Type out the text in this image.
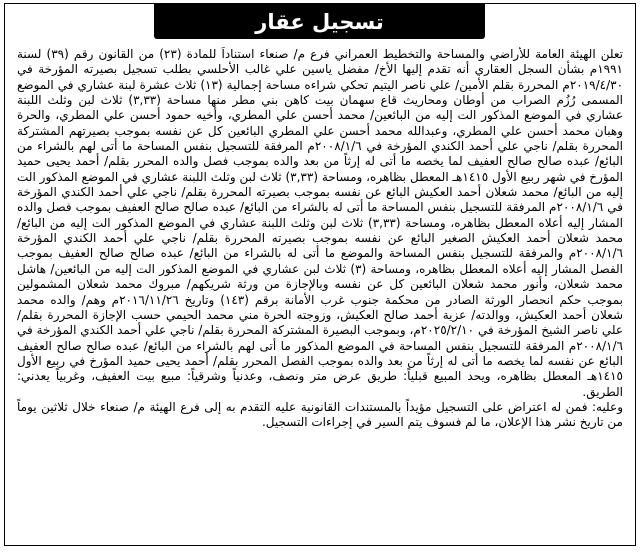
تسجيل عقار

تعلن الهيئة العامة للأراضي والمساحة والتخطيط العمراني فرع م/ صنعاء استناداً للمادة (٢٣) من القانون رقم (٣٩) لسنة ١٩٩١م بشأن السجل العقاري أنه تقدم إليها الأخ/ مفضل ياسين علي غالب الأحلسي بطلب تسجيل بصيرته المؤرخة في ٢٠١٩/٤/٣٠م المحررة بقلم الأمين/ علي ناصر اليتيم تحكي شراءه مساحة إجمالية (١٣) ثلاث عشرة لبنة عشاري في الموضع المسمى رُزُم الصراب من أوطان ومحاريث قاع سهمان بيت كاهن بني مطر منها مساحة (٣,٣٣) ثلاث لبن وثلث اللبنة عشاري في الموضع المذكور الت إليه من البائعين/ محمد أحسن علي المطري، وأخيه حمود أحسن علي المطري، والحرة وهبان محمد أحسن علي المطري، وعبدالله محمد أحسن علي المطري البائعين كل عن نفسه بموجب بصيرتهم المشتركة المحررة بقلم/ ناجي علي أحمد الكندي المؤرخة في ٢٠٠٨/١/٦م المرفقة للتسجيل بنفس المساحة ما أتى لهم بالشراء من البائع/ عبده صالح صالح العفيف لما يخصه ما أتى له إرثاً من بعد والده بموجب فصل والده المحرر بقلم/ أحمد يحيى حميد المؤرخ في شهر ربيع الأول ١٤١٥هـ المعطل بظاهره، ومساحة (٣,٣٣) ثلاث لبن وثلث اللبنة عشاري في الموضع المذكور الت إليه من البائع/ محمد شعلان أحمد العكيش البائع عن نفسه بموجب بصيرته المحررة بقلم/ ناجي علي أحمد الكندي المؤرخة في ٢٠٠٨/١/٦م المرفقة للتسجيل بنفس المساحة ما أتى له بالشراء من البائع/ عبده صالح صالح العفيف بموجب فصل والده المشار إليه أعلاه المعطل بظاهره، ومساحة (٣,٣٣) ثلاث لبن وثلث اللبنة عشاري في الموضع المذكور الت إليه من البائع/ محمد شعلان أحمد العكيش الصغير البائع عن نفسه بموجب بصيرته المحررة بقلم/ ناجي علي أحمد الكندي المؤرخة ٢٠٠٨/١/٦م والمرفقة للتسجيل بنفس المساحة والموضع ما أتى له بالشراء من البائع/ عبده صالح صالح العفيف بموجب الفصل المشار إليه أعلاه المعطل بظاهره، ومساحة (٣) ثلاث لبن عشاري في الموضع المذكور الت إليه من البائعين/ هاشل محمد شعلان، وأنور محمد شعلان البائعين كل عن نفسه وبالإجازة من ورثة شريكهم/ مبروك محمد شعلان المشمولين بموجب حكم انحصار الورثة الصادر من محكمة جنوب غرب الأمانة برقم (١٤٣) وتاريخ ٢٠١٦/١١/٢٦م وهم/ والده محمد شعلان أحمد العكيش، ووالدته/ عزية أحمد صالح العكيش، وزوجته الحرة مني محمد الحيمي حسب الإجازة المحررة بقلم/ علي ناصر الشيخ المؤرخة في ٢٠٢٥/٢/١٠م، وبموجب البصيرة المشتركة المحررة بقلم/ ناجي علي أحمد الكندي المؤرخة في ٢٠٠٨/١/٦م المرفقة للتسجيل بنفس المساحة في الموضع المذكور ما أتى لهم بالشراء من البائع/ عبده صالح صالح العفيف البائع عن نفسه لما يخصه ما أتى له إرثاً من بعد والده بموجب الفصل المحرر بقلم/ أحمد يحيى حميد المؤرخ في ربيع الأول ١٤١٥هـ المعطل بظاهره، ويحد المبيع قبلياً: طريق عرض متر ونصف، وعدنياً وشرقياً: مبيع بيت العفيف، وغربياً يعدني: الطريق.

وعليه: فمن له اعتراض على التسجيل مؤيداً بالمستندات القانونية عليه التقدم به إلى فرع الهيئة م/ صنعاء خلال ثلاثين يوماً من تاريخ نشر هذا الإعلان، ما لم فسوف يتم السير في إجراءات التسجيل.
